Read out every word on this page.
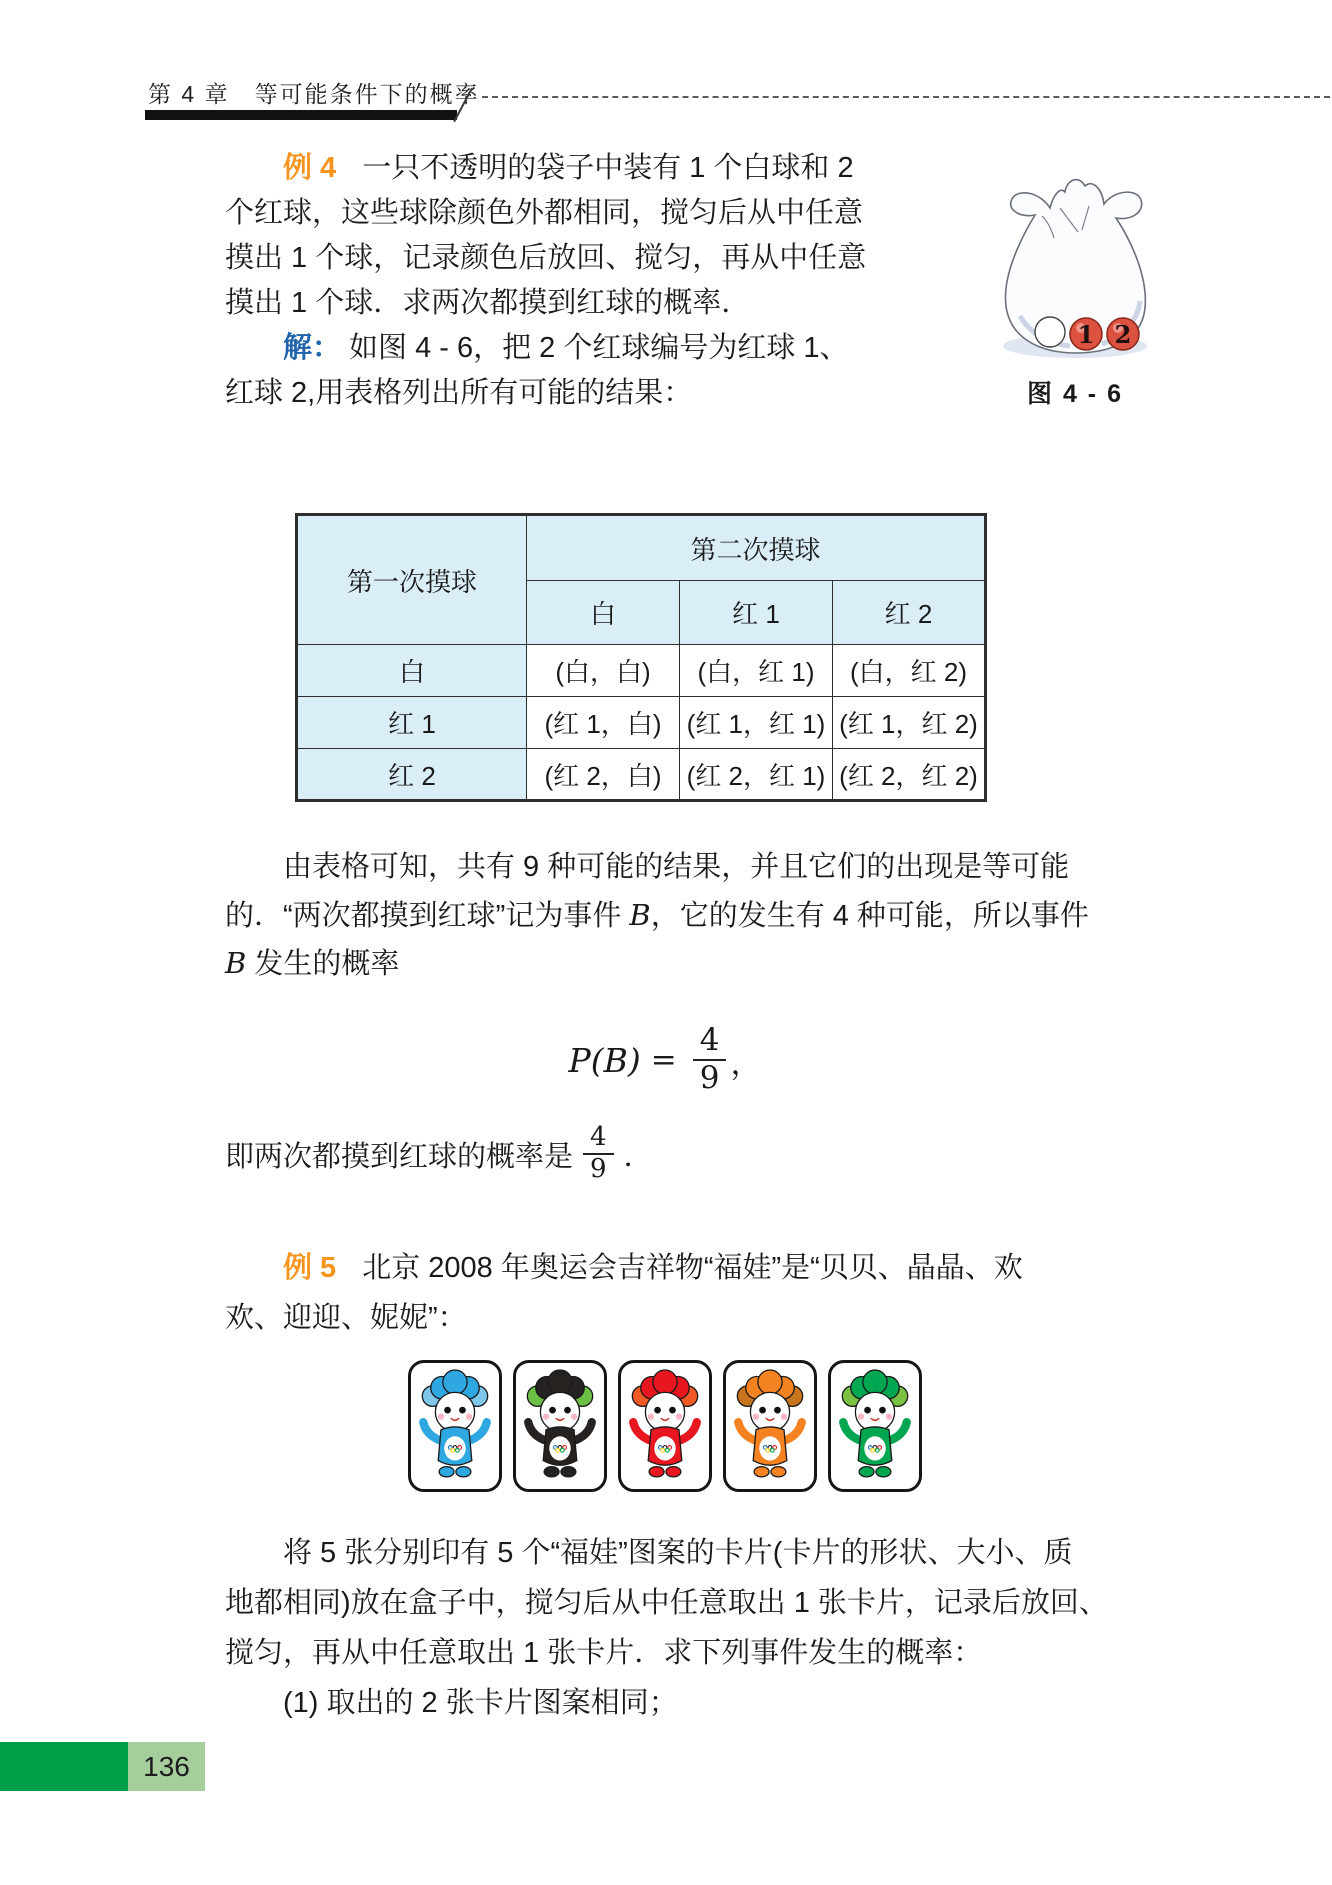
第 4 章　等可能条件下的概率
例 4 一只不透明的袋子中装有 1 个白球和 2
个红球，这些球除颜色外都相同，搅匀后从中任意
摸出 1 个球，记录颜色后放回、搅匀，再从中任意
摸出 1 个球．求两次都摸到红球的概率．
解： 如图 4 - 6，把 2 个红球编号为红球 1、
红球 2,用表格列出所有可能的结果：
1 2
图 4 - 6
第一次摸球	第二次摸球		
	白	红 1	红 2
白	(白，白)	(白，红 1)	(白，红 2)
红 1	(红 1，白)	(红 1，红 1)	(红 1，红 2)
红 2	(红 2，白)	(红 2，红 1)	(红 2，红 2)
由表格可知，共有 9 种可能的结果，并且它们的出现是等可能
的．“两次都摸到红球”记为事件 B，它的发生有 4 种可能，所以事件
B 发生的概率
$P(B) = \frac{4}{9}$ ，
即两次都摸到红球的概率是 $\frac{4}{9}$ ．
例 5 北京 2008 年奥运会吉祥物“福娃”是“贝贝、晶晶、欢
欢、迎迎、妮妮”：
将 5 张分别印有 5 个“福娃”图案的卡片(卡片的形状、大小、质
地都相同)放在盒子中，搅匀后从中任意取出 1 张卡片，记录后放回、
搅匀，再从中任意取出 1 张卡片．求下列事件发生的概率：
(1) 取出的 2 张卡片图案相同；
136
